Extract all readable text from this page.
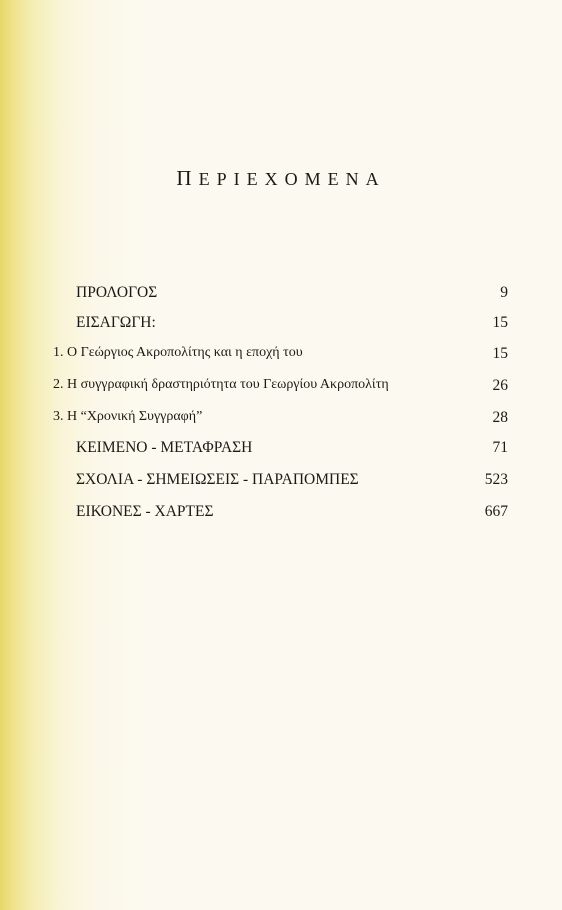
ΠΕΡΙΕΧΟΜΕΝΑ
ΠΡΟΛΟΓΟΣ	9
ΕΙΣΑΓΩΓΗ:	15
1. Ο Γεώργιος Ακροπολίτης και η εποχή του	15
2. Η συγγραφική δραστηριότητα του Γεωργίου Ακροπολίτη	26
3. Η “Χρονική Συγγραφή”	28
ΚΕΙΜΕΝΟ - ΜΕΤΑΦΡΑΣΗ	71
ΣΧΟΛΙΑ - ΣΗΜΕΙΩΣΕΙΣ - ΠΑΡΑΠΟΜΠΕΣ	523
ΕΙΚΟΝΕΣ - ΧΑΡΤΕΣ	667
